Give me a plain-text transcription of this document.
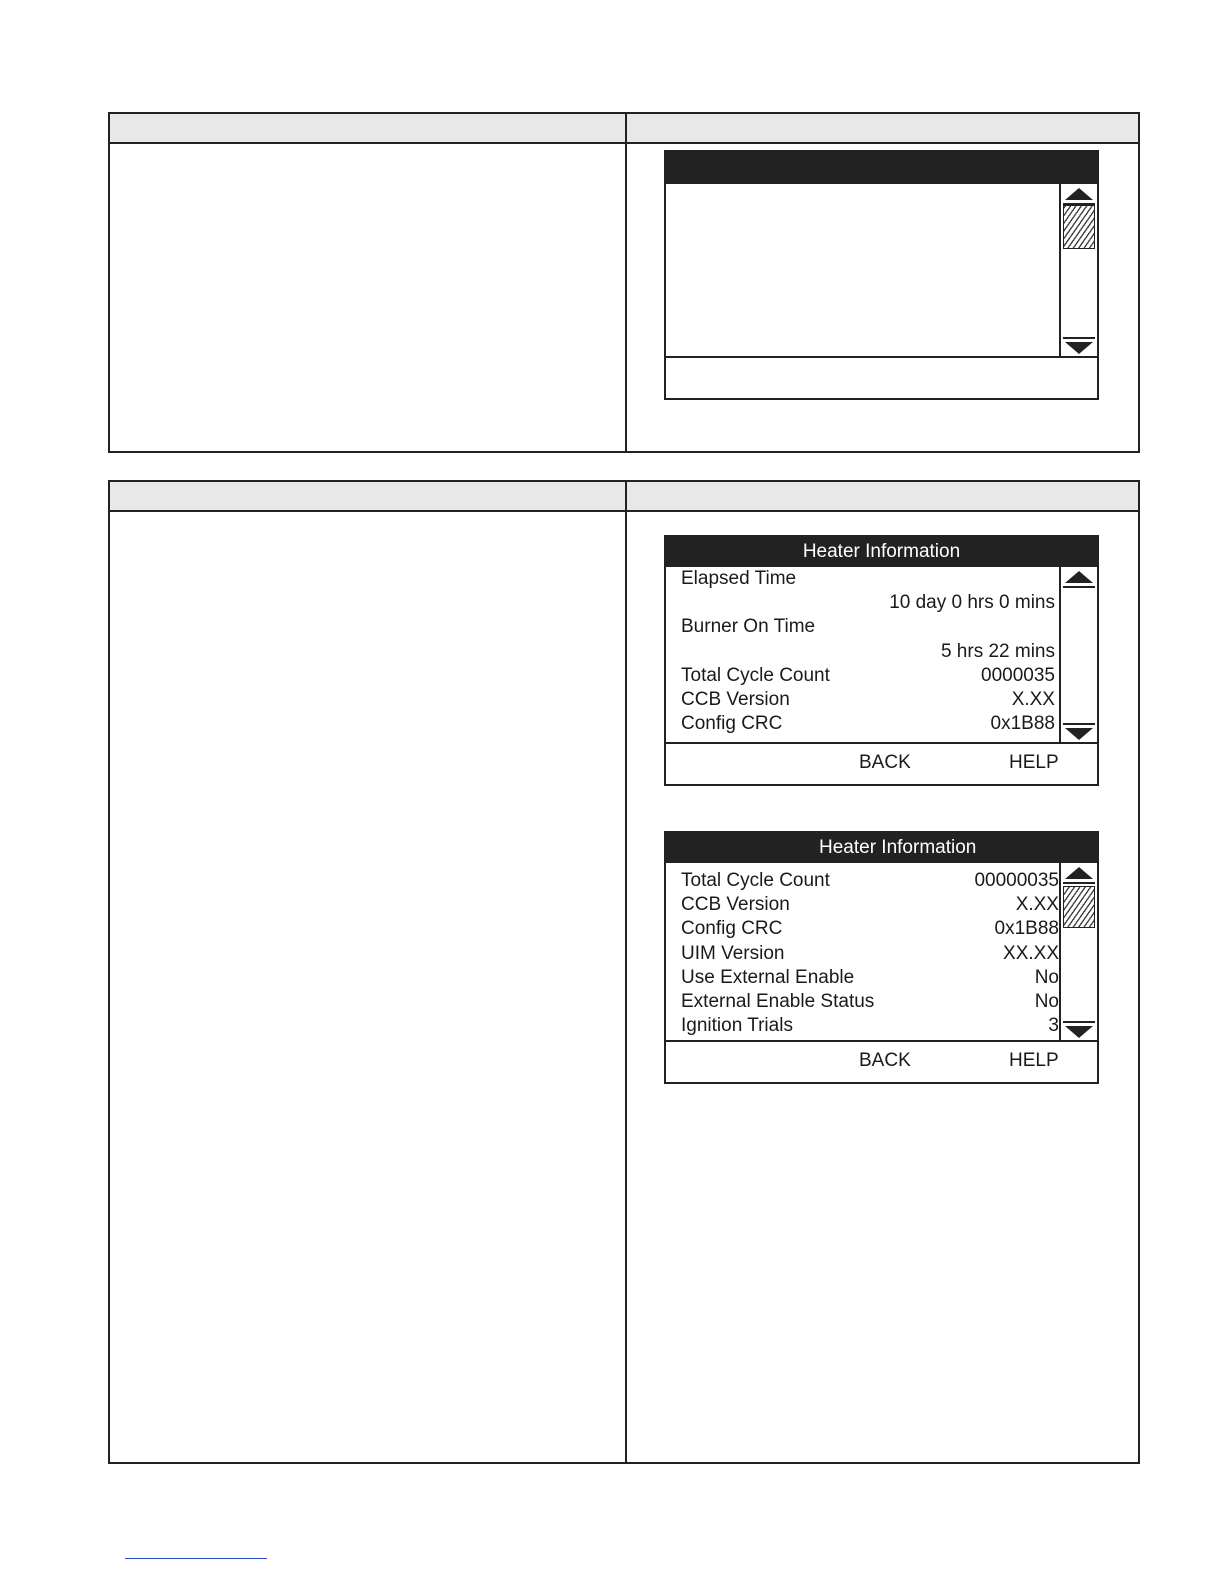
Heater Information
Elapsed Time
10 day 0 hrs 0 mins
Burner On Time
5 hrs 22 mins
Total Cycle Count	0000035
CCB Version	X.XX
Config CRC	0x1B88
BACK	HELP
Heater Information
Total Cycle Count	00000035
CCB Version	X.XX
Config CRC	0x1B88
UIM Version	XX.XX
Use External Enable	No
External Enable Status	No
Ignition Trials	3
BACK	HELP
